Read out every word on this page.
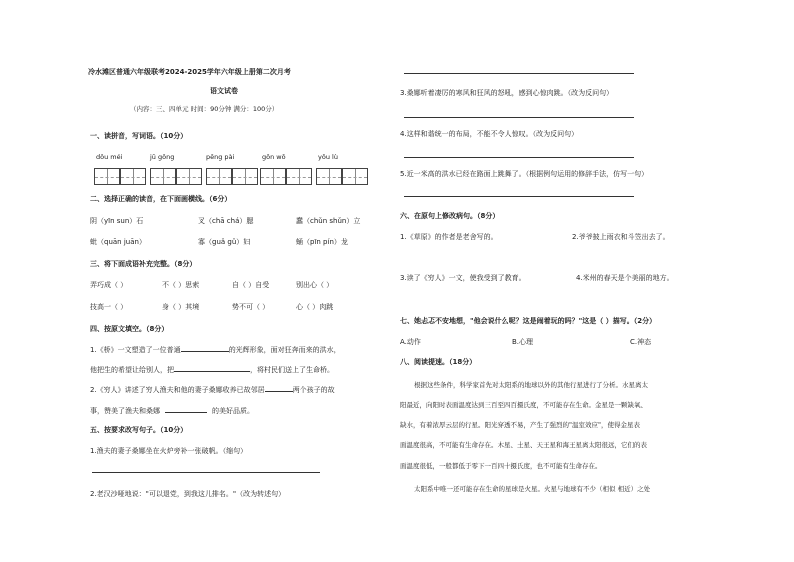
冷水滩区普通六年级联考2024-2025学年六年级上册第二次月考
语文试卷
（内容：三、四单元 时间：90分钟 满分：100分）
一、读拼音，写词语。（10分）
dǒu méi	jū gōng	pēng pài	gōn wō	yōu lù
二、选择正确的读音，在下面画横线。（6分）
阴（yīn sun）石	叉（chā chá）腮	蠢（chǔn shǔn）立
蚍（quān juān）	寡（guǎ gǔ）妇	蛹（pīn pín）龙
三、将下面成语补充完整。（8分）
弄巧成（ ）	不（ ）思索	自（ ）自受	别出心（ ）
技高一（ ）	身（ ）其境	势不可（ ）	心（ ）肉跳
四、按原文填空。（8分）
1.《桥》一文塑造了一位普通	的光辉形象，面对狂奔而来的洪水，
他把生的希望让给别人，把	，将村民们送上了生命桥。
2.《穷人》讲述了穷人渔夫和他的妻子桑娜收养已故邻居	两个孩子的故
事，赞美了渔夫和桑娜	的美好品质。
五、按要求改写句子。（10分）
1.渔夫的妻子桑娜坐在火炉旁补一张破帆。（缩句）
2.老汉沙哑地说："可以退党，到我这儿排名。"（改为转述句）
3.桑娜听着凄厉的寒风和狂风的怒吼，感到心惊肉跳。（改为反问句）
4.这样和谐统一的布局，不能不令人惊叹。（改为反问句）
5.近一米高的洪水已经在路面上跳舞了。（根据例句运用的修辞手法，仿写一句）
六、在原句上修改病句。（8分）
1.《草原》的作者是老舍写的。	2.爷爷披上雨衣和斗笠出去了。
3.读了《穷人》一文，使我受到了教育。	4.米州的春天是个美丽的地方。
七、她忐忑不安地想，"他会说什么呢？这是闹着玩的吗？"这是（ ）描写。（2分）
A.动作	B.心理	C.神态
八、阅读提速。（18分）
根据这些条件，科学家首先对太阳系的地球以外的其他行星进行了分析。水星离太
阳最近，向阳时表面温度达到三百至四百摄氏度，不可能存在生命。金星是一颗缺氧、
缺水，有着浓厚云层的行星。阳光穿透不易，产生了强烈的"温室效应"，使得金星表
面温度很高，不可能有生命存在。木星、土星、天王星和海王星离太阳很远，它们的表
面温度很低，一般都低于零下一百四十摄氏度，也不可能有生命存在。
太阳系中唯一还可能存在生命的星球是火星。火星与地球有不少（相似 相近）之处
